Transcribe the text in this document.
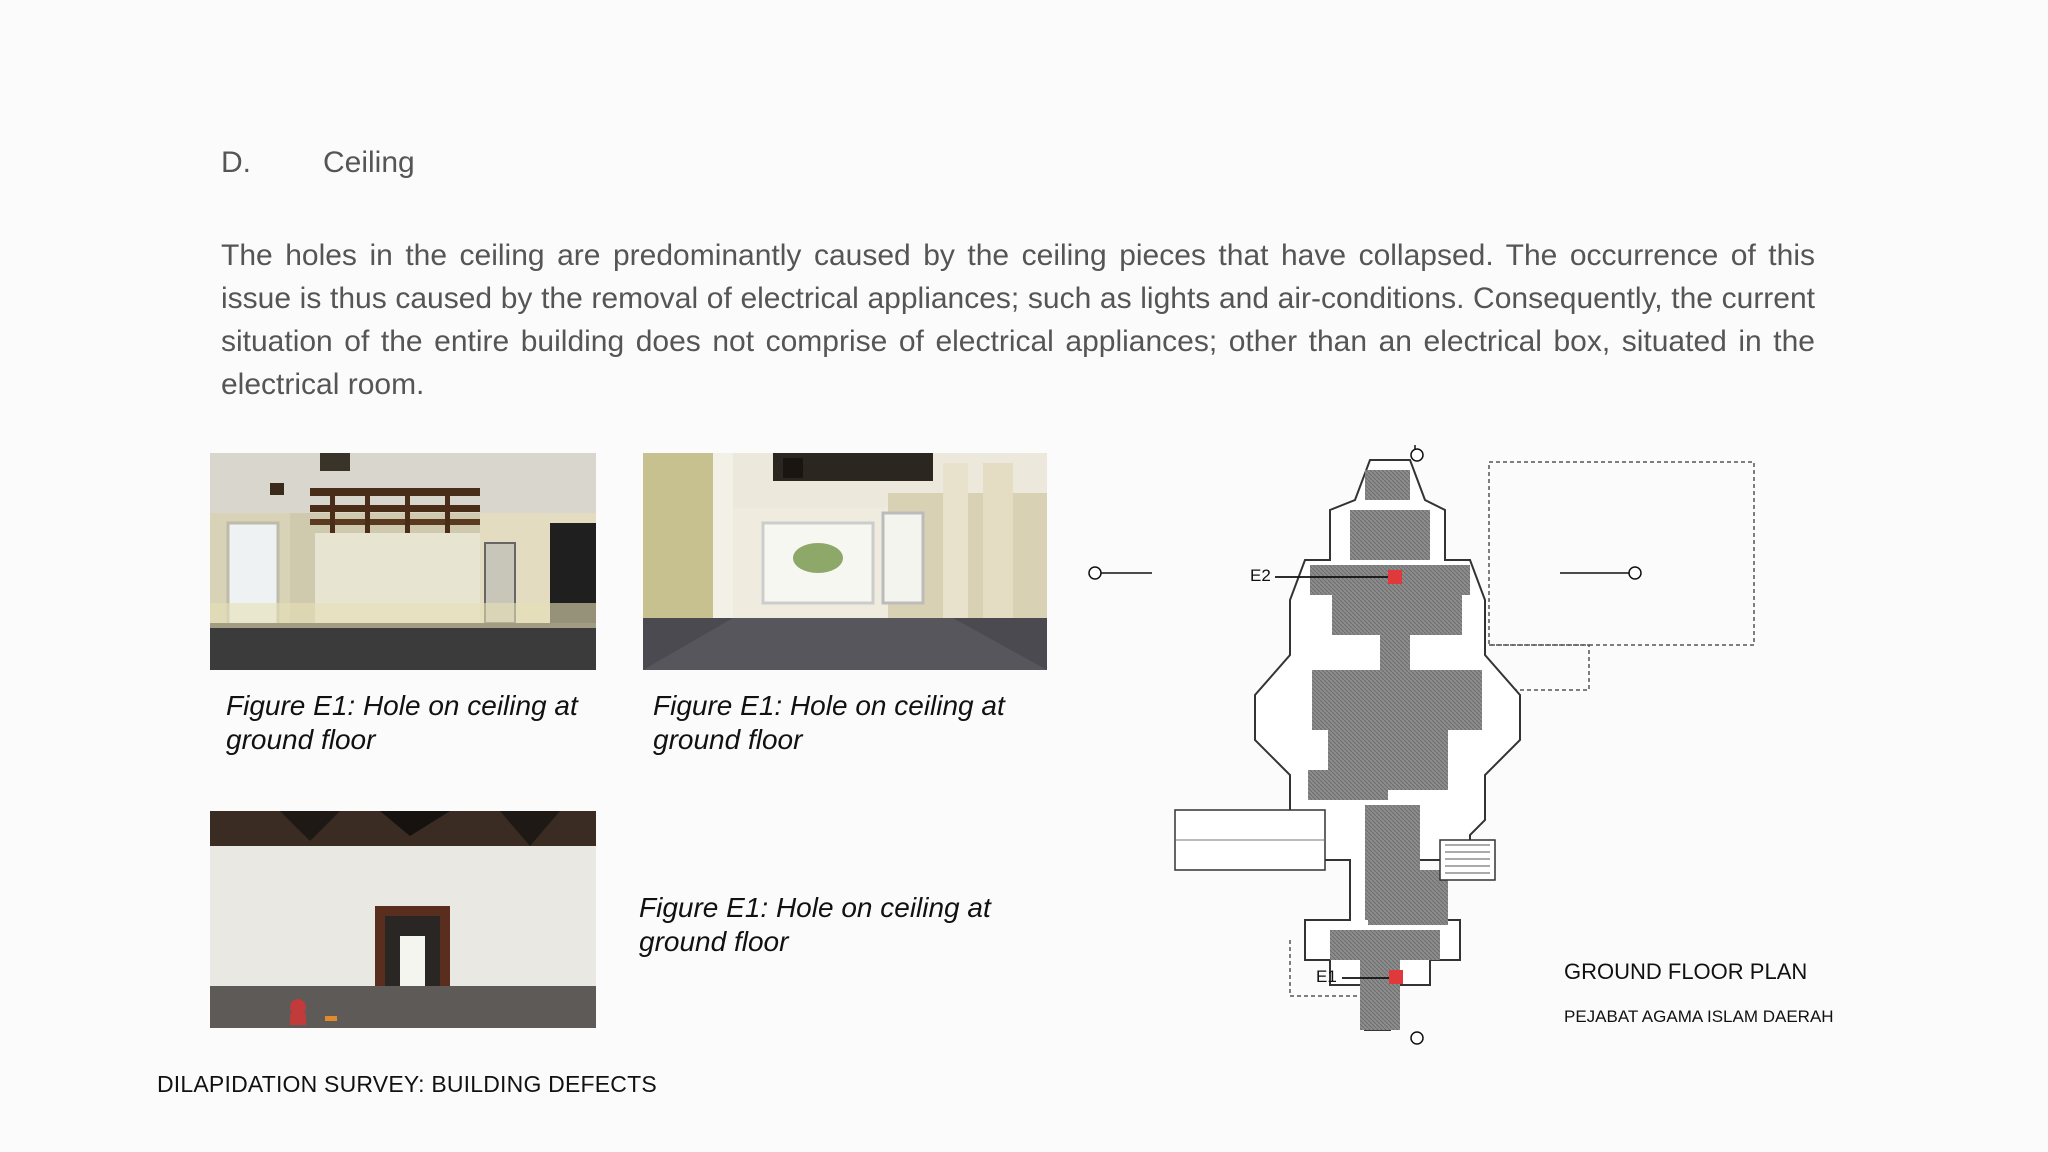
D. Ceiling

The holes in the ceiling are predominantly caused by the ceiling pieces that have collapsed. The occurrence of this issue is thus caused by the removal of electrical appliances; such as lights and air-conditions. Consequently, the current situation of the entire building does not comprise of electrical appliances; other than an electrical box, situated in the electrical room.

Figure E1: Hole on ceiling at
ground floor
Figure E1: Hole on ceiling at
ground floor
Figure E1: Hole on ceiling at
ground floor
E2
E1	GROUND FLOOR PLAN
PEJABAT AGAMA ISLAM DAERAH
DILAPIDATION SURVEY: BUILDING DEFECTS
